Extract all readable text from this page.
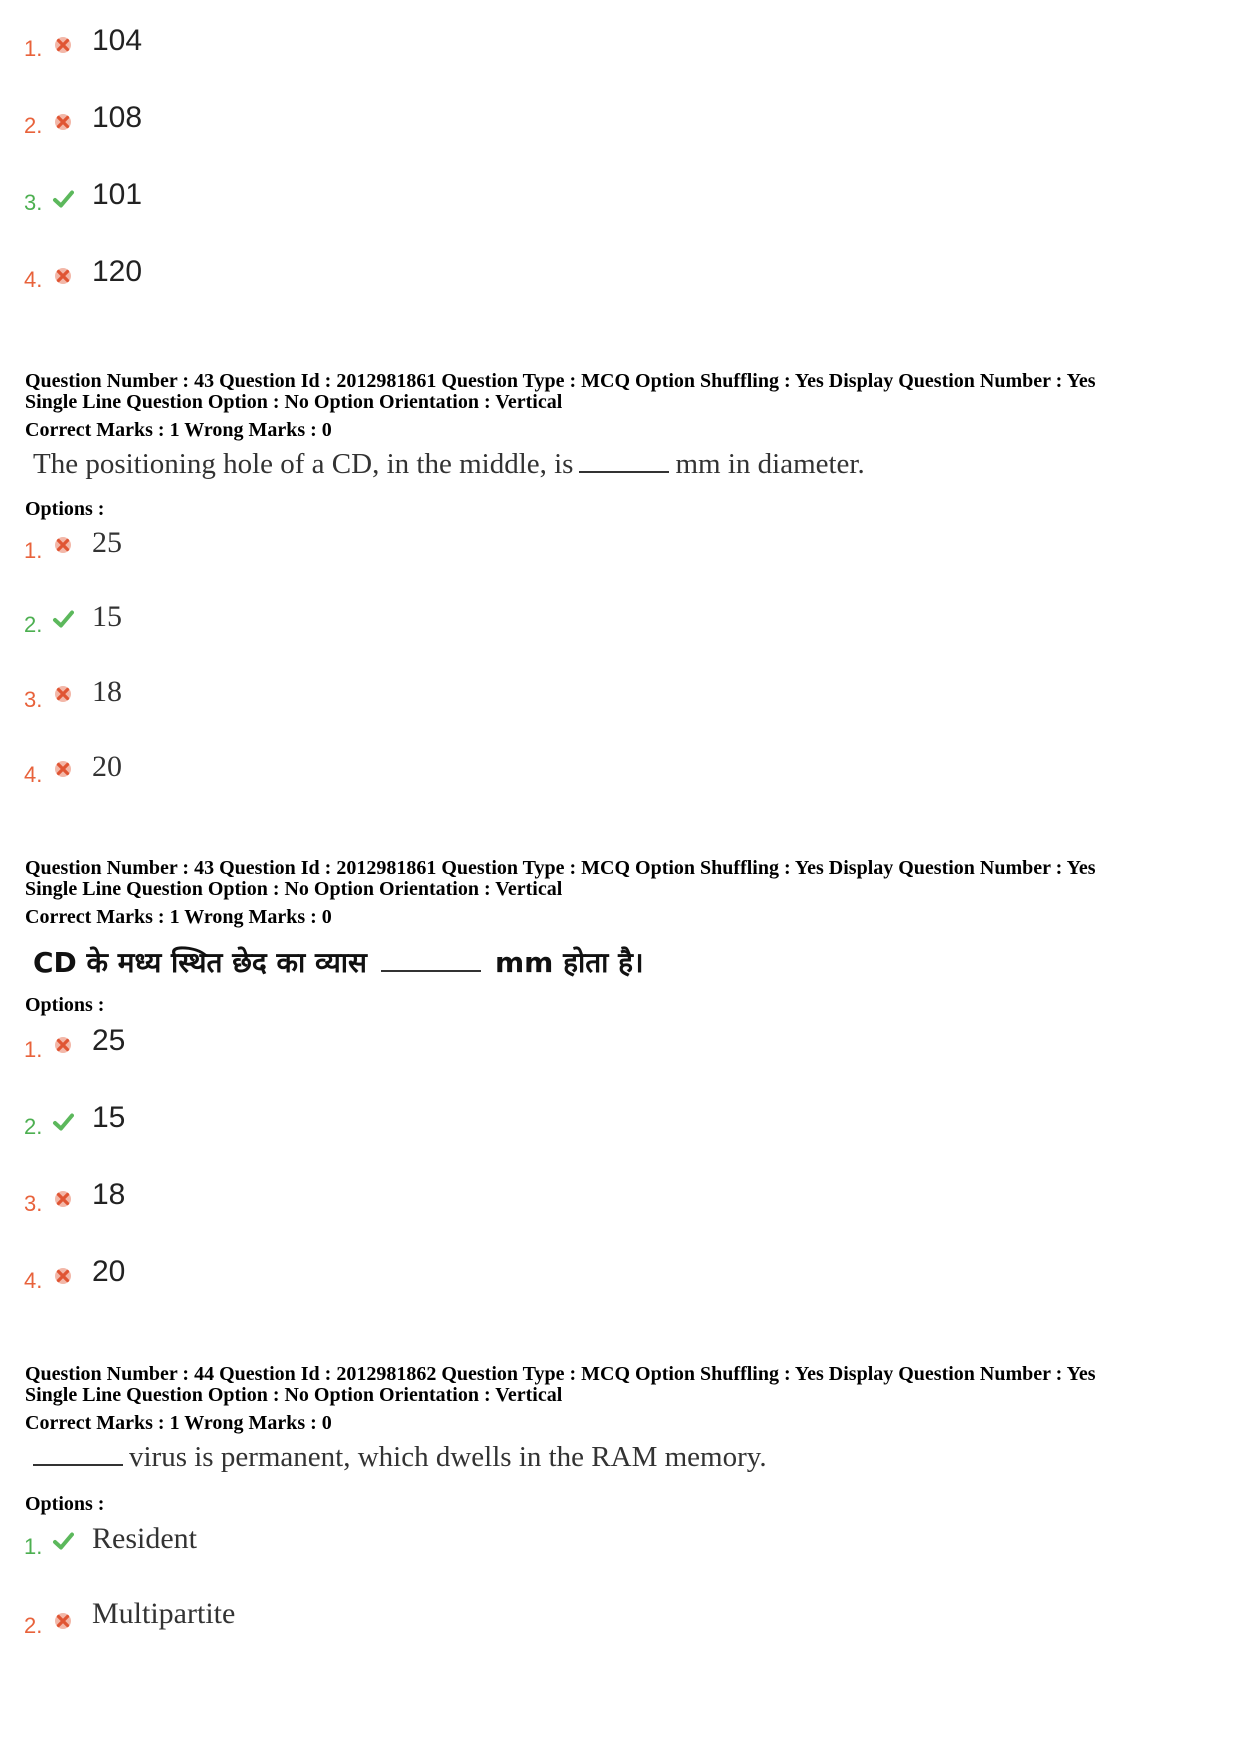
1. 104
2. 108
3. 101
4. 120
Question Number : 43 Question Id : 2012981861 Question Type : MCQ Option Shuffling : Yes Display Question Number : Yes
Single Line Question Option : No Option Orientation : Vertical
Correct Marks : 1 Wrong Marks : 0
The positioning hole of a CD, in the middle, is	mm in diameter.
Options :
1. 25
2. 15
3. 18
4. 20
Question Number : 43 Question Id : 2012981861 Question Type : MCQ Option Shuffling : Yes Display Question Number : Yes
Single Line Question Option : No Option Orientation : Vertical
Correct Marks : 1 Wrong Marks : 0
CD के मध्य स्थित छेद का व्यास	mm होता है।
Options :
1. 25
2. 15
3. 18
4. 20
Question Number : 44 Question Id : 2012981862 Question Type : MCQ Option Shuffling : Yes Display Question Number : Yes
Single Line Question Option : No Option Orientation : Vertical
Correct Marks : 1 Wrong Marks : 0
virus is permanent, which dwells in the RAM memory.
Options :
1. Resident
2. Multipartite
